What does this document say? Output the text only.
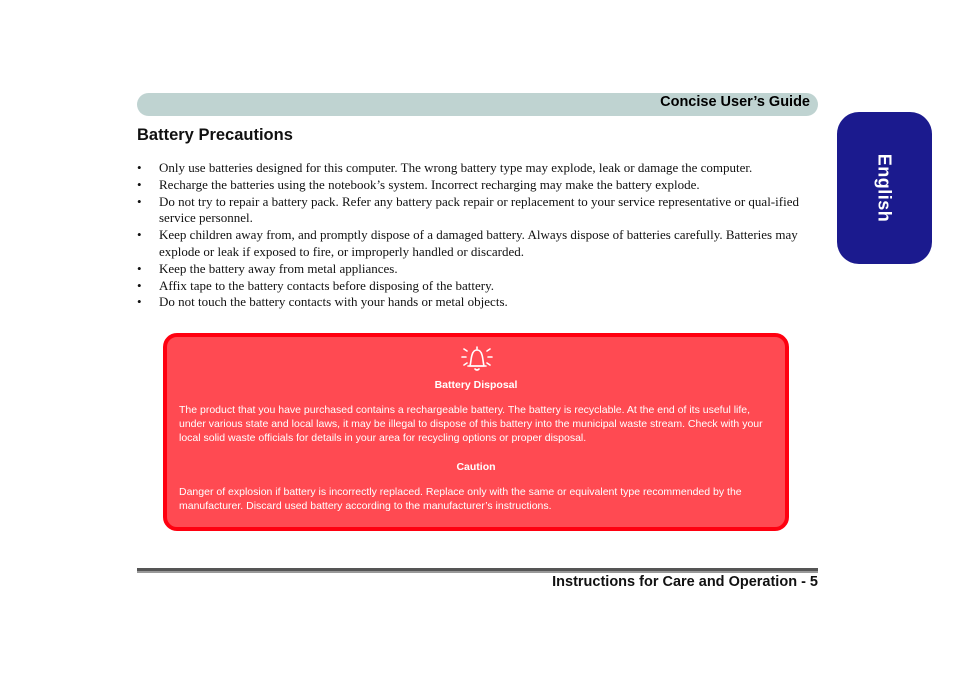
Concise User’s Guide
English
Battery Precautions
• Only use batteries designed for this computer. The wrong battery type may explode, leak or damage the computer.
• Recharge the batteries using the notebook’s system. Incorrect recharging may make the battery explode.
• Do not try to repair a battery pack. Refer any battery pack repair or replacement to your service representative or qual-ified service personnel.
• Keep children away from, and promptly dispose of a damaged battery. Always dispose of batteries carefully. Batteries may explode or leak if exposed to fire, or improperly handled or discarded.
• Keep the battery away from metal appliances.
• Affix tape to the battery contacts before disposing of the battery.
• Do not touch the battery contacts with your hands or metal objects.
Battery Disposal
The product that you have purchased contains a rechargeable battery. The battery is recyclable. At the end of its useful life, under various state and local laws, it may be illegal to dispose of this battery into the municipal waste stream. Check with your local solid waste officials for details in your area for recycling options or proper disposal.
Caution
Danger of explosion if battery is incorrectly replaced. Replace only with the same or equivalent type recommended by the manufacturer. Discard used battery according to the manufacturer’s instructions.
Instructions for Care and Operation - 5
